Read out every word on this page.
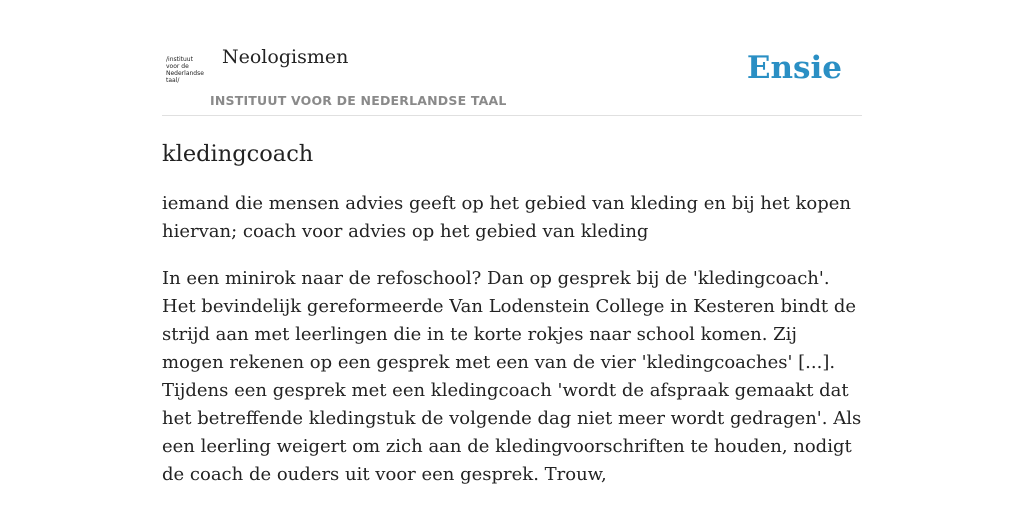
/instituut
voor de
Nederlandse
taal/
Neologismen
INSTITUUT VOOR DE NEDERLANDSE TAAL
Ensie
kledingcoach

iemand die mensen advies geeft op het gebied van kleding en bij het kopen hiervan; coach voor advies op het gebied van kleding

In een minirok naar de refoschool? Dan op gesprek bij de 'kledingcoach'. Het bevindelijk gereformeerde Van Lodenstein College in Kesteren bindt de strijd aan met leerlingen die in te korte rokjes naar school komen. Zij mogen rekenen op een gesprek met een van de vier 'kledingcoaches' [...]. Tijdens een gesprek met een kledingcoach 'wordt de afspraak gemaakt dat het betreffende kledingstuk de volgende dag niet meer wordt gedragen'. Als een leerling weigert om zich aan de kledingvoorschriften te houden, nodigt de coach de ouders uit voor een gesprek. Trouw,
